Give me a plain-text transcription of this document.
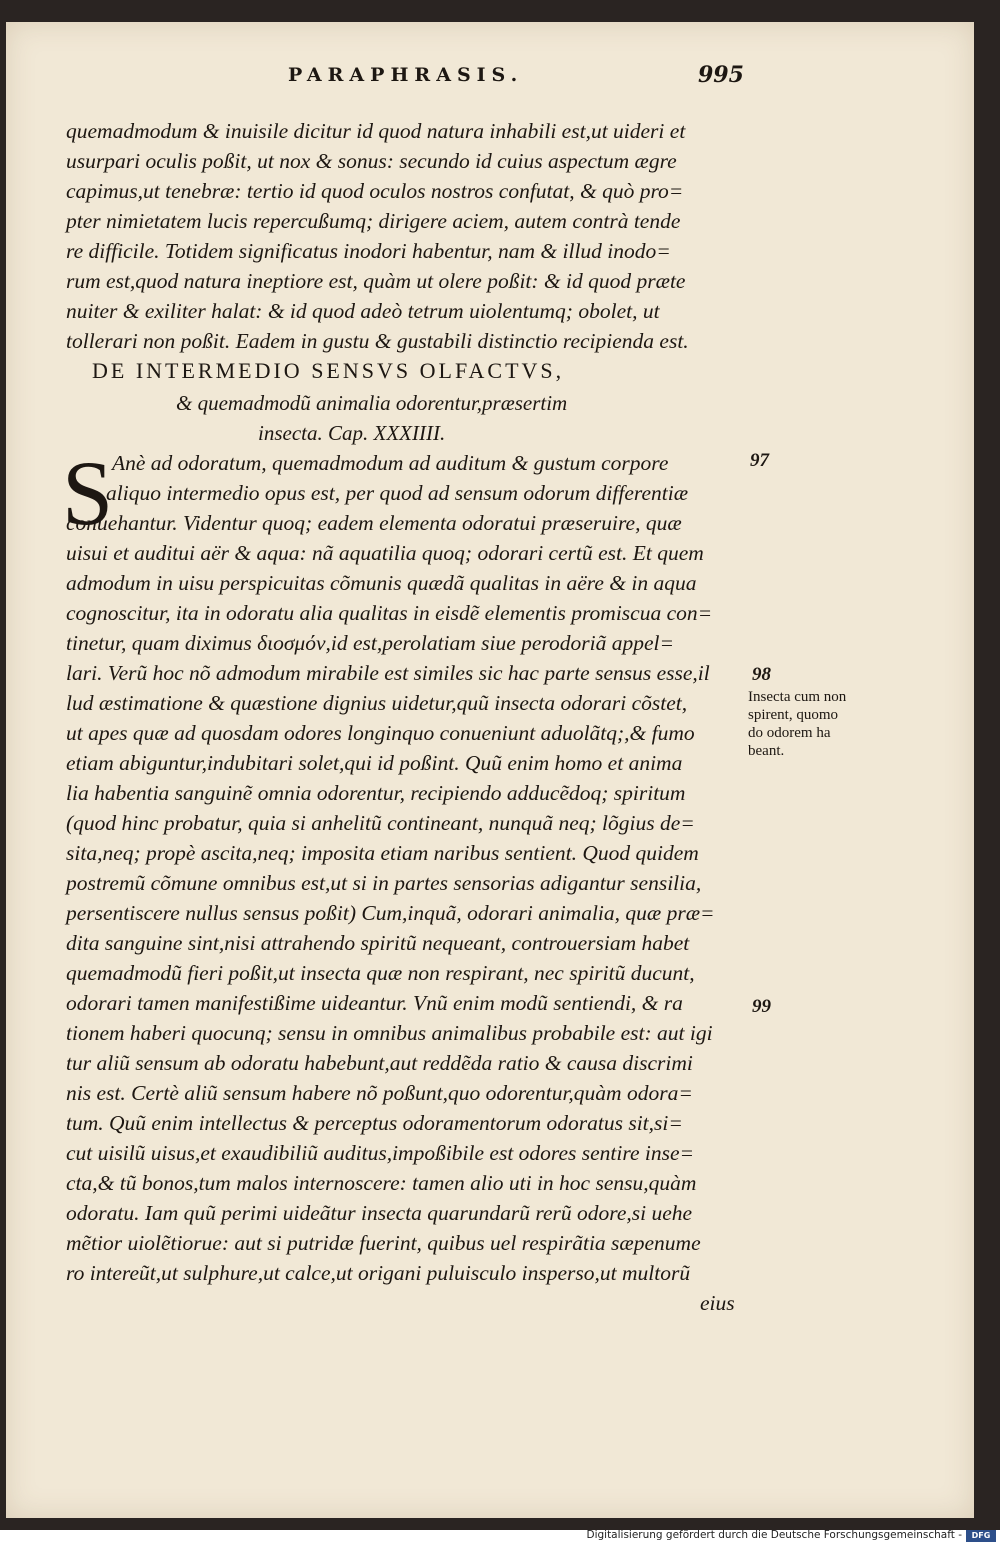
PARAPHRASIS.	995
quemadmodum & inuisile dicitur id quod natura inhabili est,ut uideri et
usurpari oculis poßit, ut nox & sonus: secundo id cuius aspectum ægre
capimus,ut tenebræ: tertio id quod oculos nostros confutat, & quò pro=
pter nimietatem lucis repercußumq; dirigere aciem, autem contrà tende
re difficile. Totidem significatus inodori habentur, nam & illud inodo=
rum est,quod natura ineptiore est, quàm ut olere poßit: & id quod præte
nuiter & exiliter halat: & id quod adeò tetrum uiolentumq; obolet, ut
tollerari non poßit. Eadem in gustu & gustabili distinctio recipienda est.
DE INTERMEDIO SENSVS OLFACTVS,
& quemadmodũ animalia odorentur,præsertim
insecta. Cap. XXXIIII.
S
Anè ad odoratum, quemadmodum ad auditum & gustum corpore
aliquo intermedio opus est, per quod ad sensum odorum differentiæ
conuehantur. Videntur quoq; eadem elementa odoratui præseruire, quæ
uisui et auditui aër & aqua: nã aquatilia quoq; odorari certũ est. Et quem
admodum in uisu perspicuitas cõmunis quædã qualitas in aëre & in aqua
cognoscitur, ita in odoratu alia qualitas in eisdẽ elementis promiscua con=
tinetur, quam diximus διοσμόν,id est,perolatiam siue perodoriã appel=
lari. Verũ hoc nõ admodum mirabile est similes sic hac parte sensus esse,il
lud æstimatione & quæstione dignius uidetur,quũ insecta odorari cõstet,
ut apes quæ ad quosdam odores longinquo conueniunt aduolãtq;,& fumo
etiam abiguntur,indubitari solet,qui id poßint. Quũ enim homo et anima
lia habentia sanguinẽ omnia odorentur, recipiendo adducẽdoq; spiritum
(quod hinc probatur, quia si anhelitũ contineant, nunquã neq; lõgius de=
sita,neq; propè ascita,neq; imposita etiam naribus sentient. Quod quidem
postremũ cõmune omnibus est,ut si in partes sensorias adigantur sensilia,
persentiscere nullus sensus poßit) Cum,inquã, odorari animalia, quæ præ=
dita sanguine sint,nisi attrahendo spiritũ nequeant, controuersiam habet
quemadmodũ fieri poßit,ut insecta quæ non respirant, nec spiritũ ducunt,
odorari tamen manifestißime uideantur. Vnũ enim modũ sentiendi, & ra
tionem haberi quocunq; sensu in omnibus animalibus probabile est: aut igi
tur aliũ sensum ab odoratu habebunt,aut reddẽda ratio & causa discrimi
nis est. Certè aliũ sensum habere nõ poßunt,quo odorentur,quàm odora=
tum. Quũ enim intellectus & perceptus odoramentorum odoratus sit,si=
cut uisilũ uisus,et exaudibiliũ auditus,impoßibile est odores sentire inse=
cta,& tũ bonos,tum malos internoscere: tamen alio uti in hoc sensu,quàm
odoratu. Iam quũ perimi uideãtur insecta quarundarũ rerũ odore,si uehe
mẽtior uiolẽtiorue: aut si putridæ fuerint, quibus uel respirãtia sæpenume
ro intereũt,ut sulphure,ut calce,ut origani puluisculo insperso,ut multorũ
eius
97
98
99
Insecta cum non
spirent, quomo
do odorem ha
beant.
Digitalisierung gefördert durch die Deutsche Forschungsgemeinschaft -	DFG
